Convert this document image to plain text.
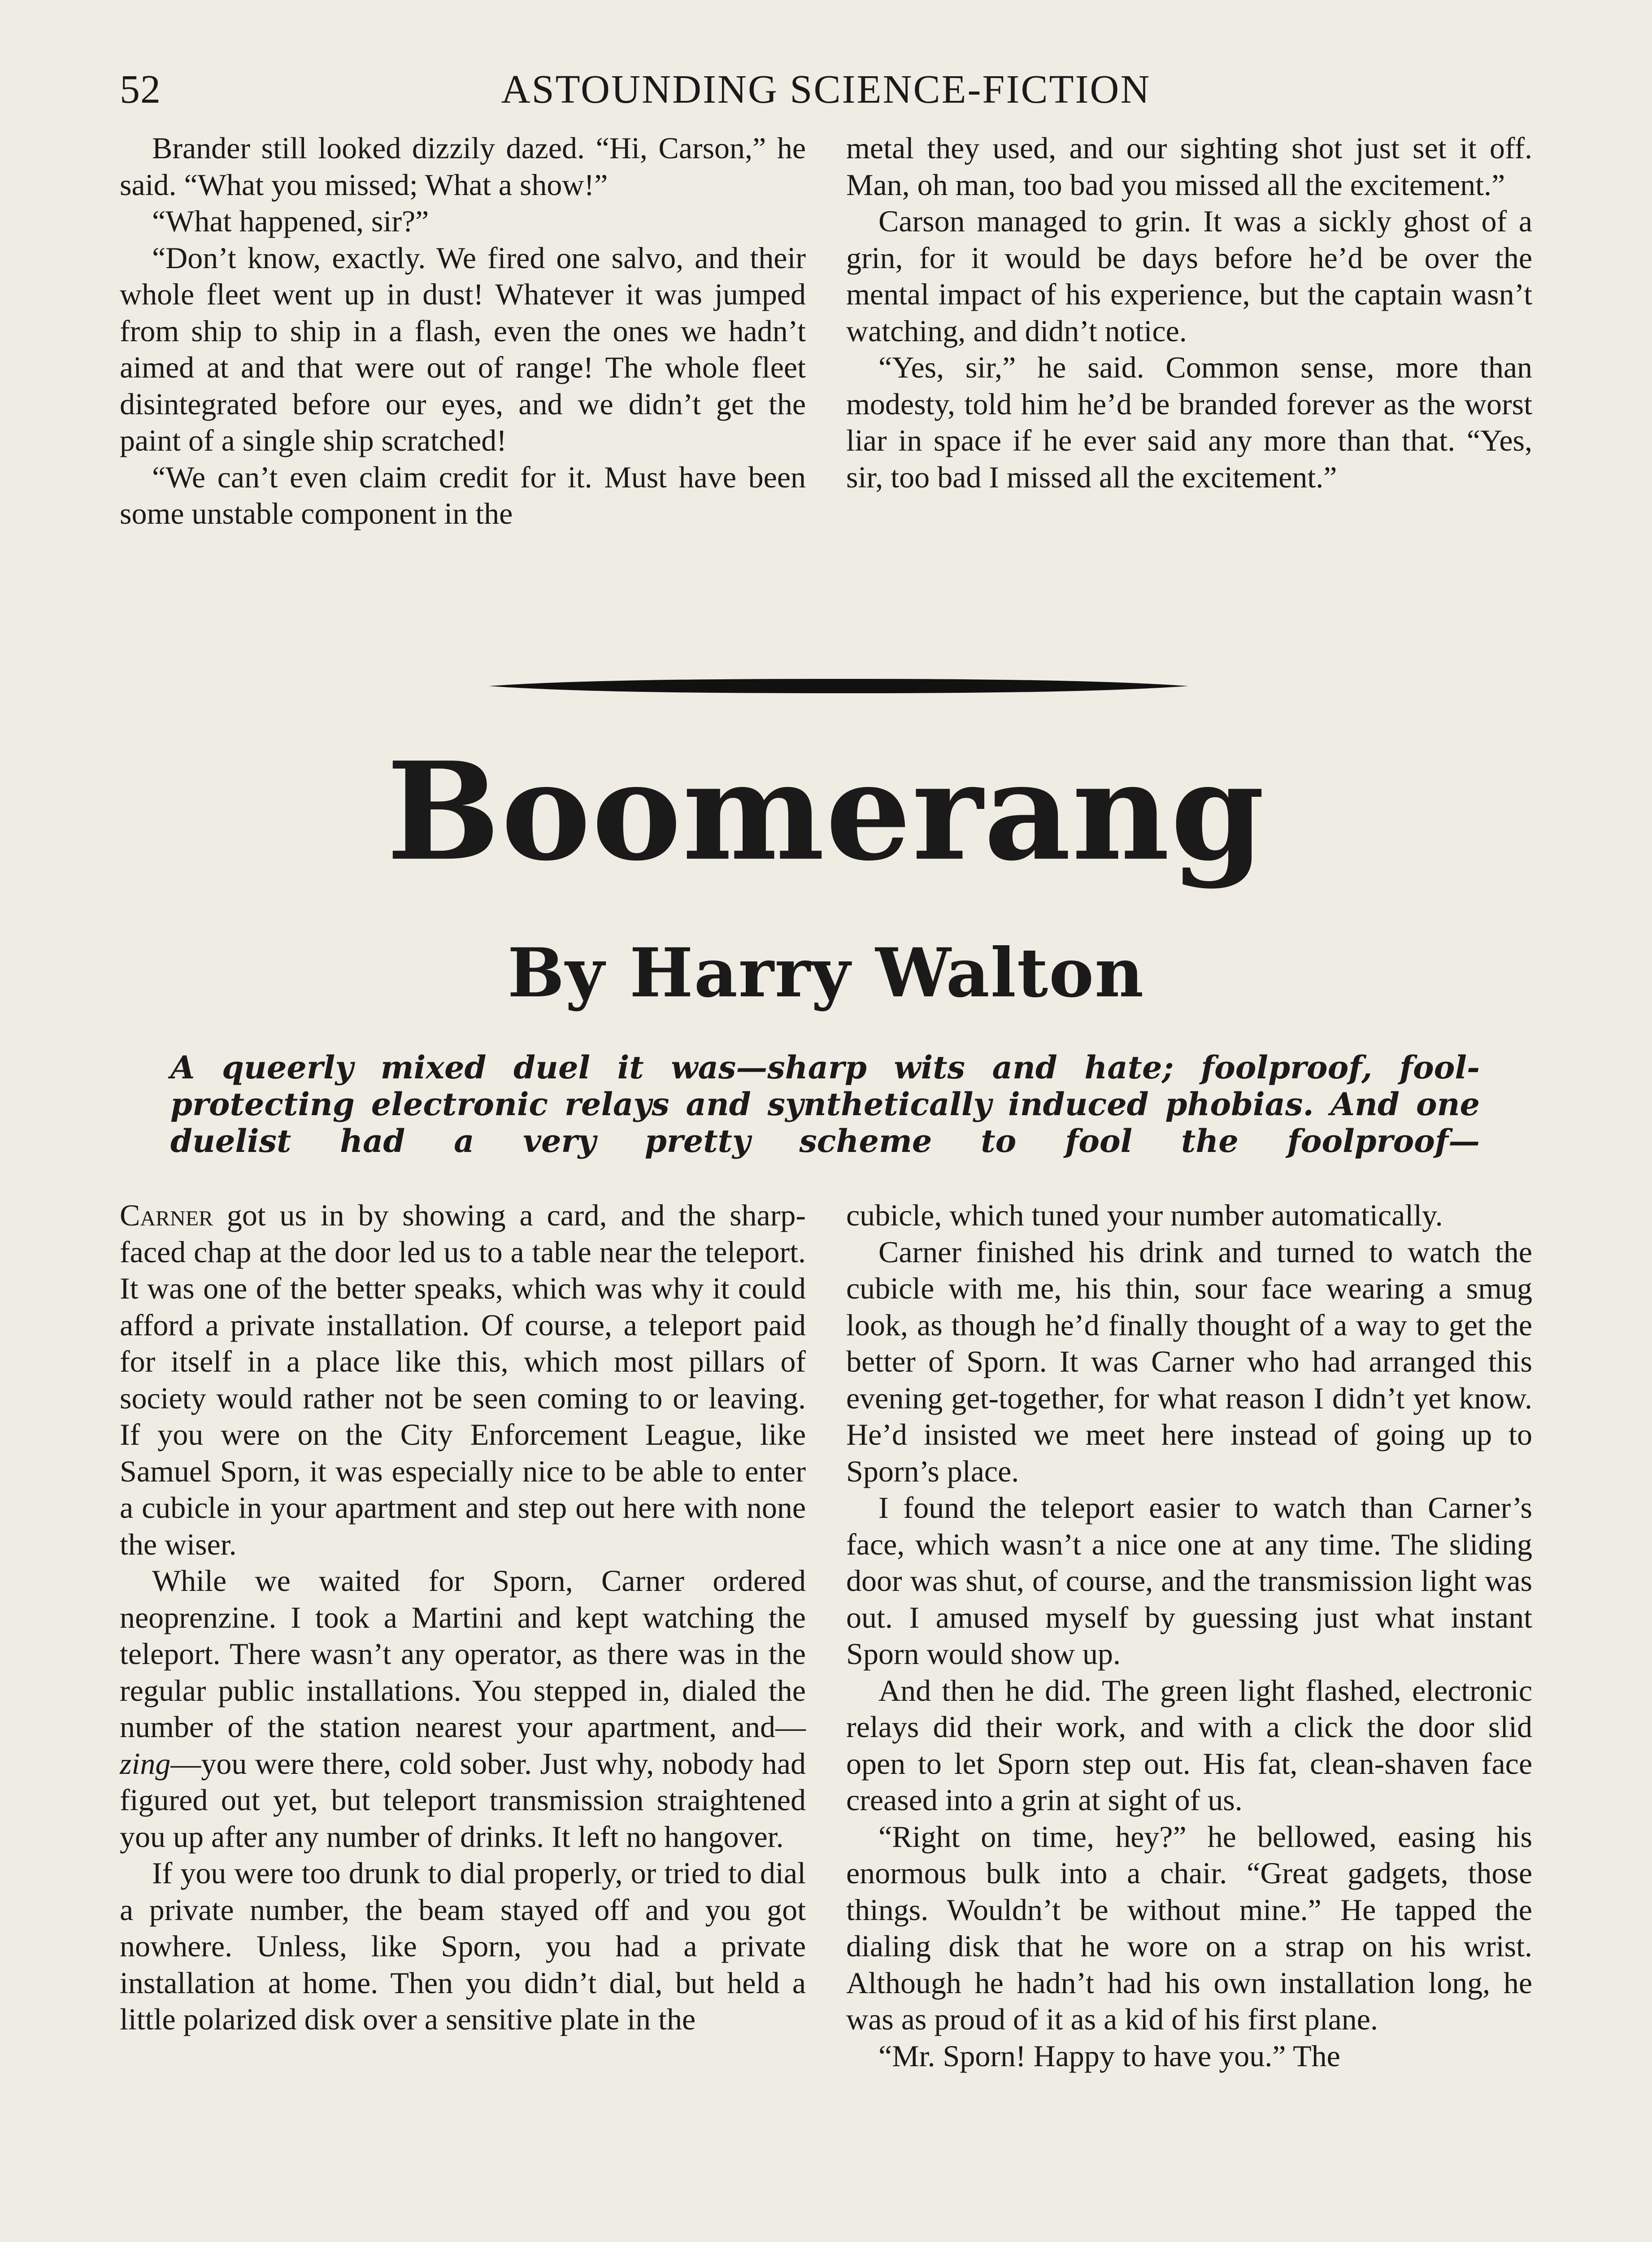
52	ASTOUNDING SCIENCE-FICTION

Brander still looked dizzily dazed. “Hi, Carson,” he said. “What you missed; What a show!”

“What happened, sir?”

“Don’t know, exactly. We fired one salvo, and their whole fleet went up in dust! Whatever it was jumped from ship to ship in a flash, even the ones we hadn’t aimed at and that were out of range! The whole fleet disintegrated before our eyes, and we didn’t get the paint of a single ship scratched!

“We can’t even claim credit for it. Must have been some unstable component in the

metal they used, and our sighting shot just set it off. Man, oh man, too bad you missed all the excitement.”

Carson managed to grin. It was a sickly ghost of a grin, for it would be days before he’d be over the mental impact of his experience, but the captain wasn’t watching, and didn’t notice.

“Yes, sir,” he said. Common sense, more than modesty, told him he’d be branded forever as the worst liar in space if he ever said any more than that. “Yes, sir, too bad I missed all the excitement.”

Boomerang
By Harry Walton
A queerly mixed duel it was—sharp wits and hate; foolproof, fool-protecting electronic relays and synthetically induced phobias. And one duelist had a very pretty scheme to fool the foolproof—

Carner got us in by showing a card, and the sharp-faced chap at the door led us to a table near the teleport. It was one of the better speaks, which was why it could afford a private installation. Of course, a teleport paid for itself in a place like this, which most pillars of society would rather not be seen coming to or leaving. If you were on the City Enforcement League, like Samuel Sporn, it was especially nice to be able to enter a cubicle in your apartment and step out here with none the wiser.

While we waited for Sporn, Carner ordered neoprenzine. I took a Martini and kept watching the teleport. There wasn’t any operator, as there was in the regular public installations. You stepped in, dialed the number of the station nearest your apartment, and—zing—you were there, cold sober. Just why, nobody had figured out yet, but teleport transmission straightened you up after any number of drinks. It left no hangover.

If you were too drunk to dial properly, or tried to dial a private number, the beam stayed off and you got nowhere. Unless, like Sporn, you had a private installation at home. Then you didn’t dial, but held a little polarized disk over a sensitive plate in the

cubicle, which tuned your number automatically.

Carner finished his drink and turned to watch the cubicle with me, his thin, sour face wearing a smug look, as though he’d finally thought of a way to get the better of Sporn. It was Carner who had arranged this evening get-together, for what reason I didn’t yet know. He’d insisted we meet here instead of going up to Sporn’s place.

I found the teleport easier to watch than Carner’s face, which wasn’t a nice one at any time. The sliding door was shut, of course, and the transmission light was out. I amused myself by guessing just what instant Sporn would show up.

And then he did. The green light flashed, electronic relays did their work, and with a click the door slid open to let Sporn step out. His fat, clean-shaven face creased into a grin at sight of us.

“Right on time, hey?” he bellowed, easing his enormous bulk into a chair. “Great gadgets, those things. Wouldn’t be without mine.” He tapped the dialing disk that he wore on a strap on his wrist. Although he hadn’t had his own installation long, he was as proud of it as a kid of his first plane.

“Mr. Sporn! Happy to have you.” The
